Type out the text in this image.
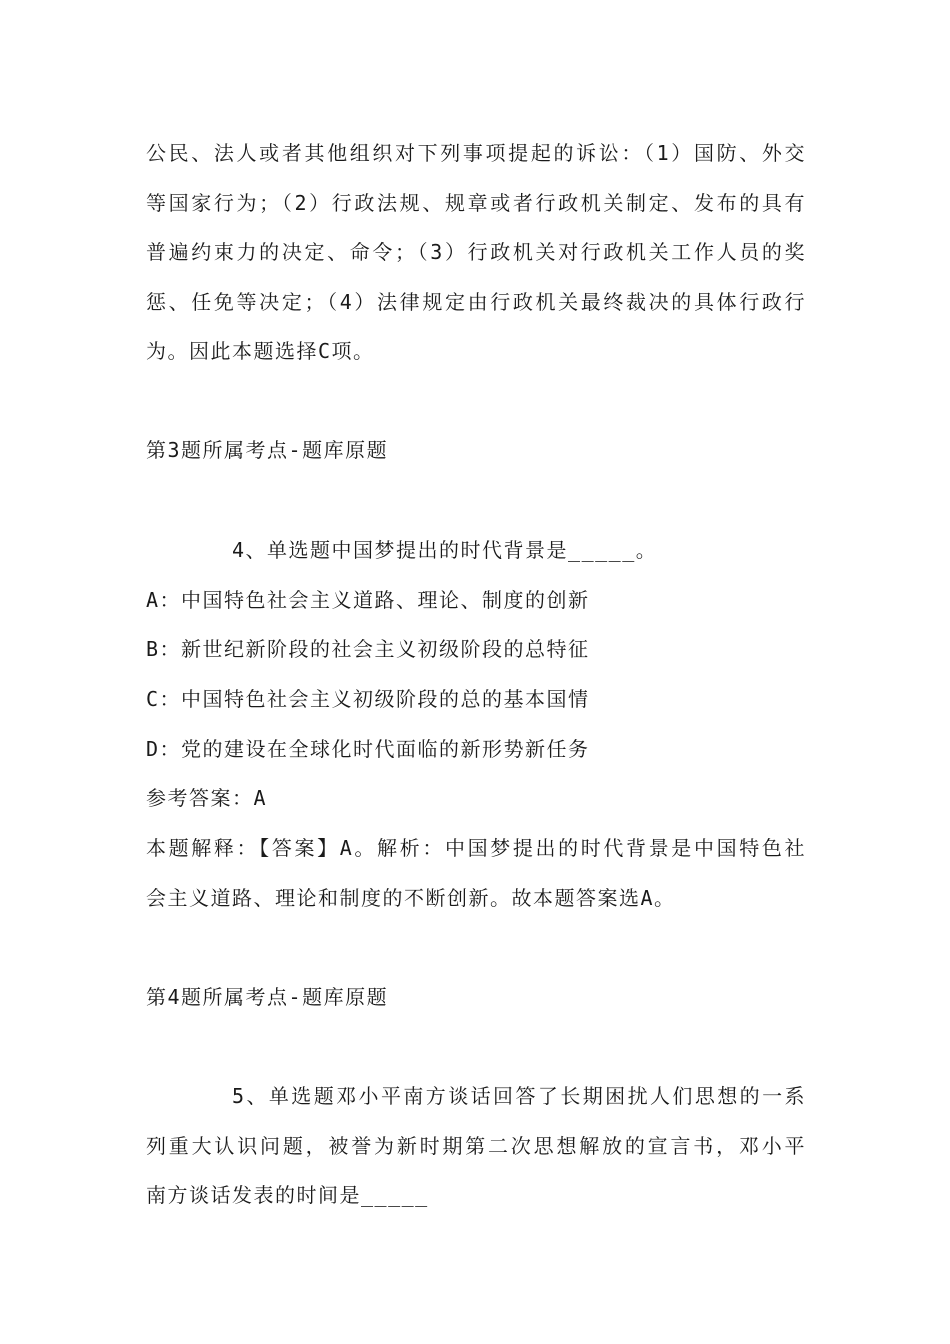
公民、法人或者其他组织对下列事项提起的诉讼：（1）国防、外交
等国家行为；（2）行政法规、规章或者行政机关制定、发布的具有
普遍约束力的决定、命令；（3）行政机关对行政机关工作人员的奖
惩、任免等决定；（4）法律规定由行政机关最终裁决的具体行政行
为。因此本题选择C项。
第3题所属考点-题库原题
4、单选题中国梦提出的时代背景是_____。
A：中国特色社会主义道路、理论、制度的创新
B：新世纪新阶段的社会主义初级阶段的总特征
C：中国特色社会主义初级阶段的总的基本国情
D：党的建设在全球化时代面临的新形势新任务
参考答案：A
本题解释：【答案】A。解析：中国梦提出的时代背景是中国特色社
会主义道路、理论和制度的不断创新。故本题答案选A。
第4题所属考点-题库原题
5、单选题邓小平南方谈话回答了长期困扰人们思想的一系
列重大认识问题，被誉为新时期第二次思想解放的宣言书，邓小平
南方谈话发表的时间是_____
